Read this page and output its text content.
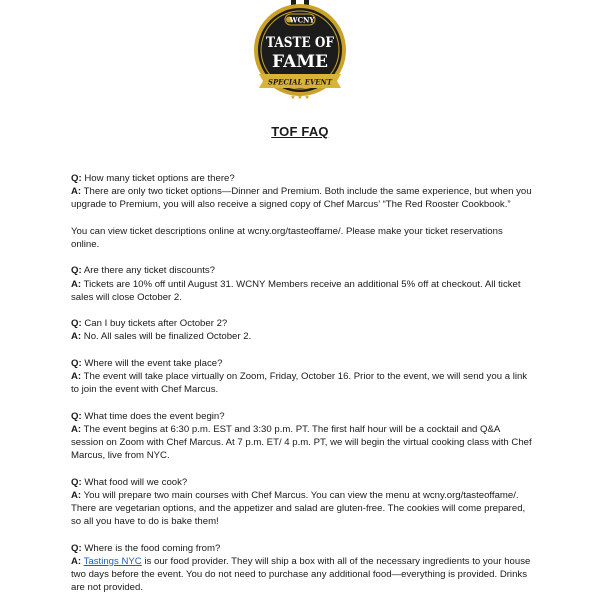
WCNY
TASTE OF
FAME
SPECIAL EVENT
★ ★ ★
TOF FAQ

Q: How many ticket options are there?

A: There are only two ticket options—Dinner and Premium. Both include the same experience, but when you upgrade to Premium, you will also receive a signed copy of Chef Marcus’ “The Red Rooster Cookbook.”

You can view ticket descriptions online at wcny.org/tasteoffame/. Please make your ticket reservations online.

Q: Are there any ticket discounts?

A: Tickets are 10% off until August 31. WCNY Members receive an additional 5% off at checkout. All ticket sales will close October 2.

Q: Can I buy tickets after October 2?

A: No. All sales will be finalized October 2.

Q: Where will the event take place?

A: The event will take place virtually on Zoom, Friday, October 16. Prior to the event, we will send you a link to join the event with Chef Marcus.

Q: What time does the event begin?

A: The event begins at 6:30 p.m. EST and 3:30 p.m. PT. The first half hour will be a cocktail and Q&A session on Zoom with Chef Marcus. At 7 p.m. ET/ 4 p.m. PT, we will begin the virtual cooking class with Chef Marcus, live from NYC.

Q: What food will we cook?

A: You will prepare two main courses with Chef Marcus. You can view the menu at wcny.org/tasteoffame/. There are vegetarian options, and the appetizer and salad are gluten-free. The cookies will come prepared, so all you have to do is bake them!

Q: Where is the food coming from?

A: Tastings NYC is our food provider. They will ship a box with all of the necessary ingredients to your house two days before the event. You do not need to purchase any additional food—everything is provided. Drinks are not provided.
